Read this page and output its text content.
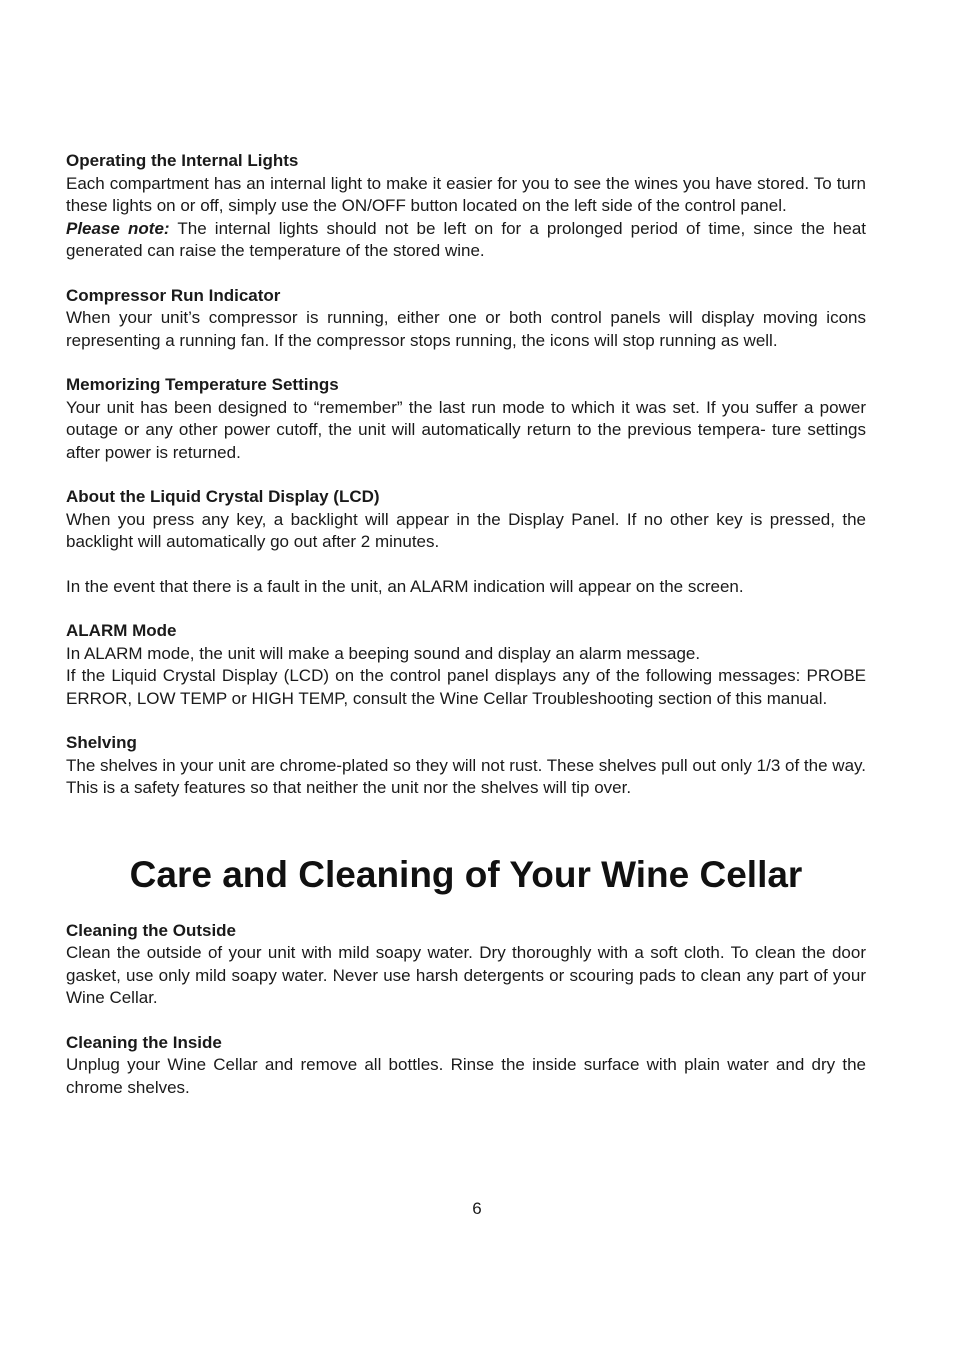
Operating the Internal Lights

Each compartment has an internal light to make it easier for you to see the wines you have stored. To turn these lights on or off, simply use the ON/OFF button located on the left side of the control panel.

Please note: The internal lights should not be left on for a prolonged period of time, since the heat generated can raise the temperature of the stored wine.

Compressor Run Indicator

When your unit’s compressor is running, either one or both control panels will display moving icons representing a running fan. If the compressor stops running, the icons will stop running as well.

Memorizing Temperature Settings

Your unit has been designed to “remember” the last run mode to which it was set. If you suffer a power outage or any other power cutoff, the unit will automatically return to the previous tempera- ture settings after power is returned.

About the Liquid Crystal Display (LCD)

When you press any key, a backlight will appear in the Display Panel. If no other key is pressed, the backlight will automatically go out after 2 minutes.

In the event that there is a fault in the unit, an ALARM indication will appear on the screen.

ALARM Mode

In ALARM mode, the unit will make a beeping sound and display an alarm message.

If the Liquid Crystal Display (LCD) on the control panel displays any of the following messages: PROBE ERROR, LOW TEMP or HIGH TEMP, consult the Wine Cellar Troubleshooting section of this manual.

Shelving

The shelves in your unit are chrome-plated so they will not rust. These shelves pull out only 1/3 of the way. This is a safety features so that neither the unit nor the shelves will tip over.

Care and Cleaning of Your Wine Cellar

Cleaning the Outside

Clean the outside of your unit with mild soapy water. Dry thoroughly with a soft cloth. To clean the door gasket, use only mild soapy water. Never use harsh detergents or scouring pads to clean any part of your Wine Cellar.

Cleaning the Inside

Unplug your Wine Cellar and remove all bottles. Rinse the inside surface with plain water and dry the chrome shelves.

6
